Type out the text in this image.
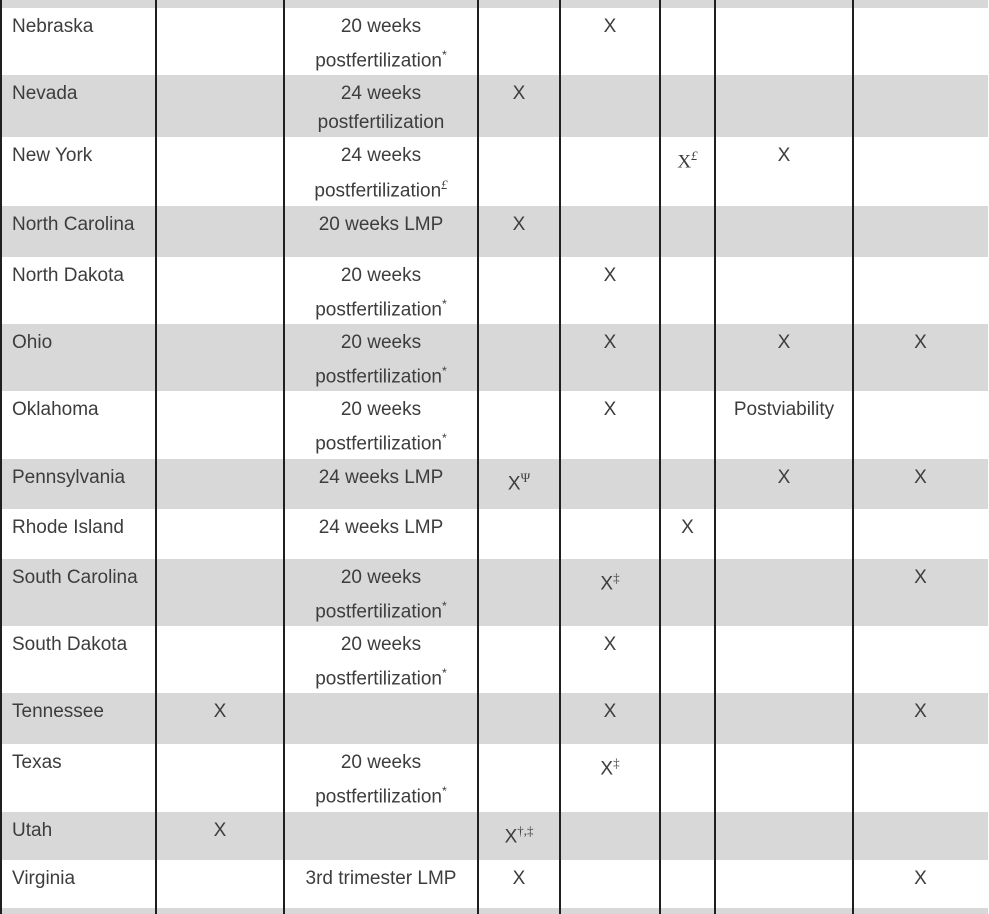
Nebraska		20 weeks
postfertilization*		X			

Nevada		24 weeks
postfertilization	X				

New York		24 weeks
postfertilization£			X£	X	

North Carolina		20 weeks LMP	X				

North Dakota		20 weeks
postfertilization*		X			

Ohio		20 weeks
postfertilization*		X		X	X

Oklahoma		20 weeks
postfertilization*		X		Postviability	

Pennsylvania		24 weeks LMP	$X^\Psi$			X	X

Rhode Island		24 weeks LMP			X		

South Carolina		20 weeks
postfertilization*		X‡			X

South Dakota		20 weeks
postfertilization*		X			

Tennessee	X			X			X

Texas		20 weeks
postfertilization*		X‡

Utah	X		X†,‡

Virginia		3rd trimester LMP	X				X
